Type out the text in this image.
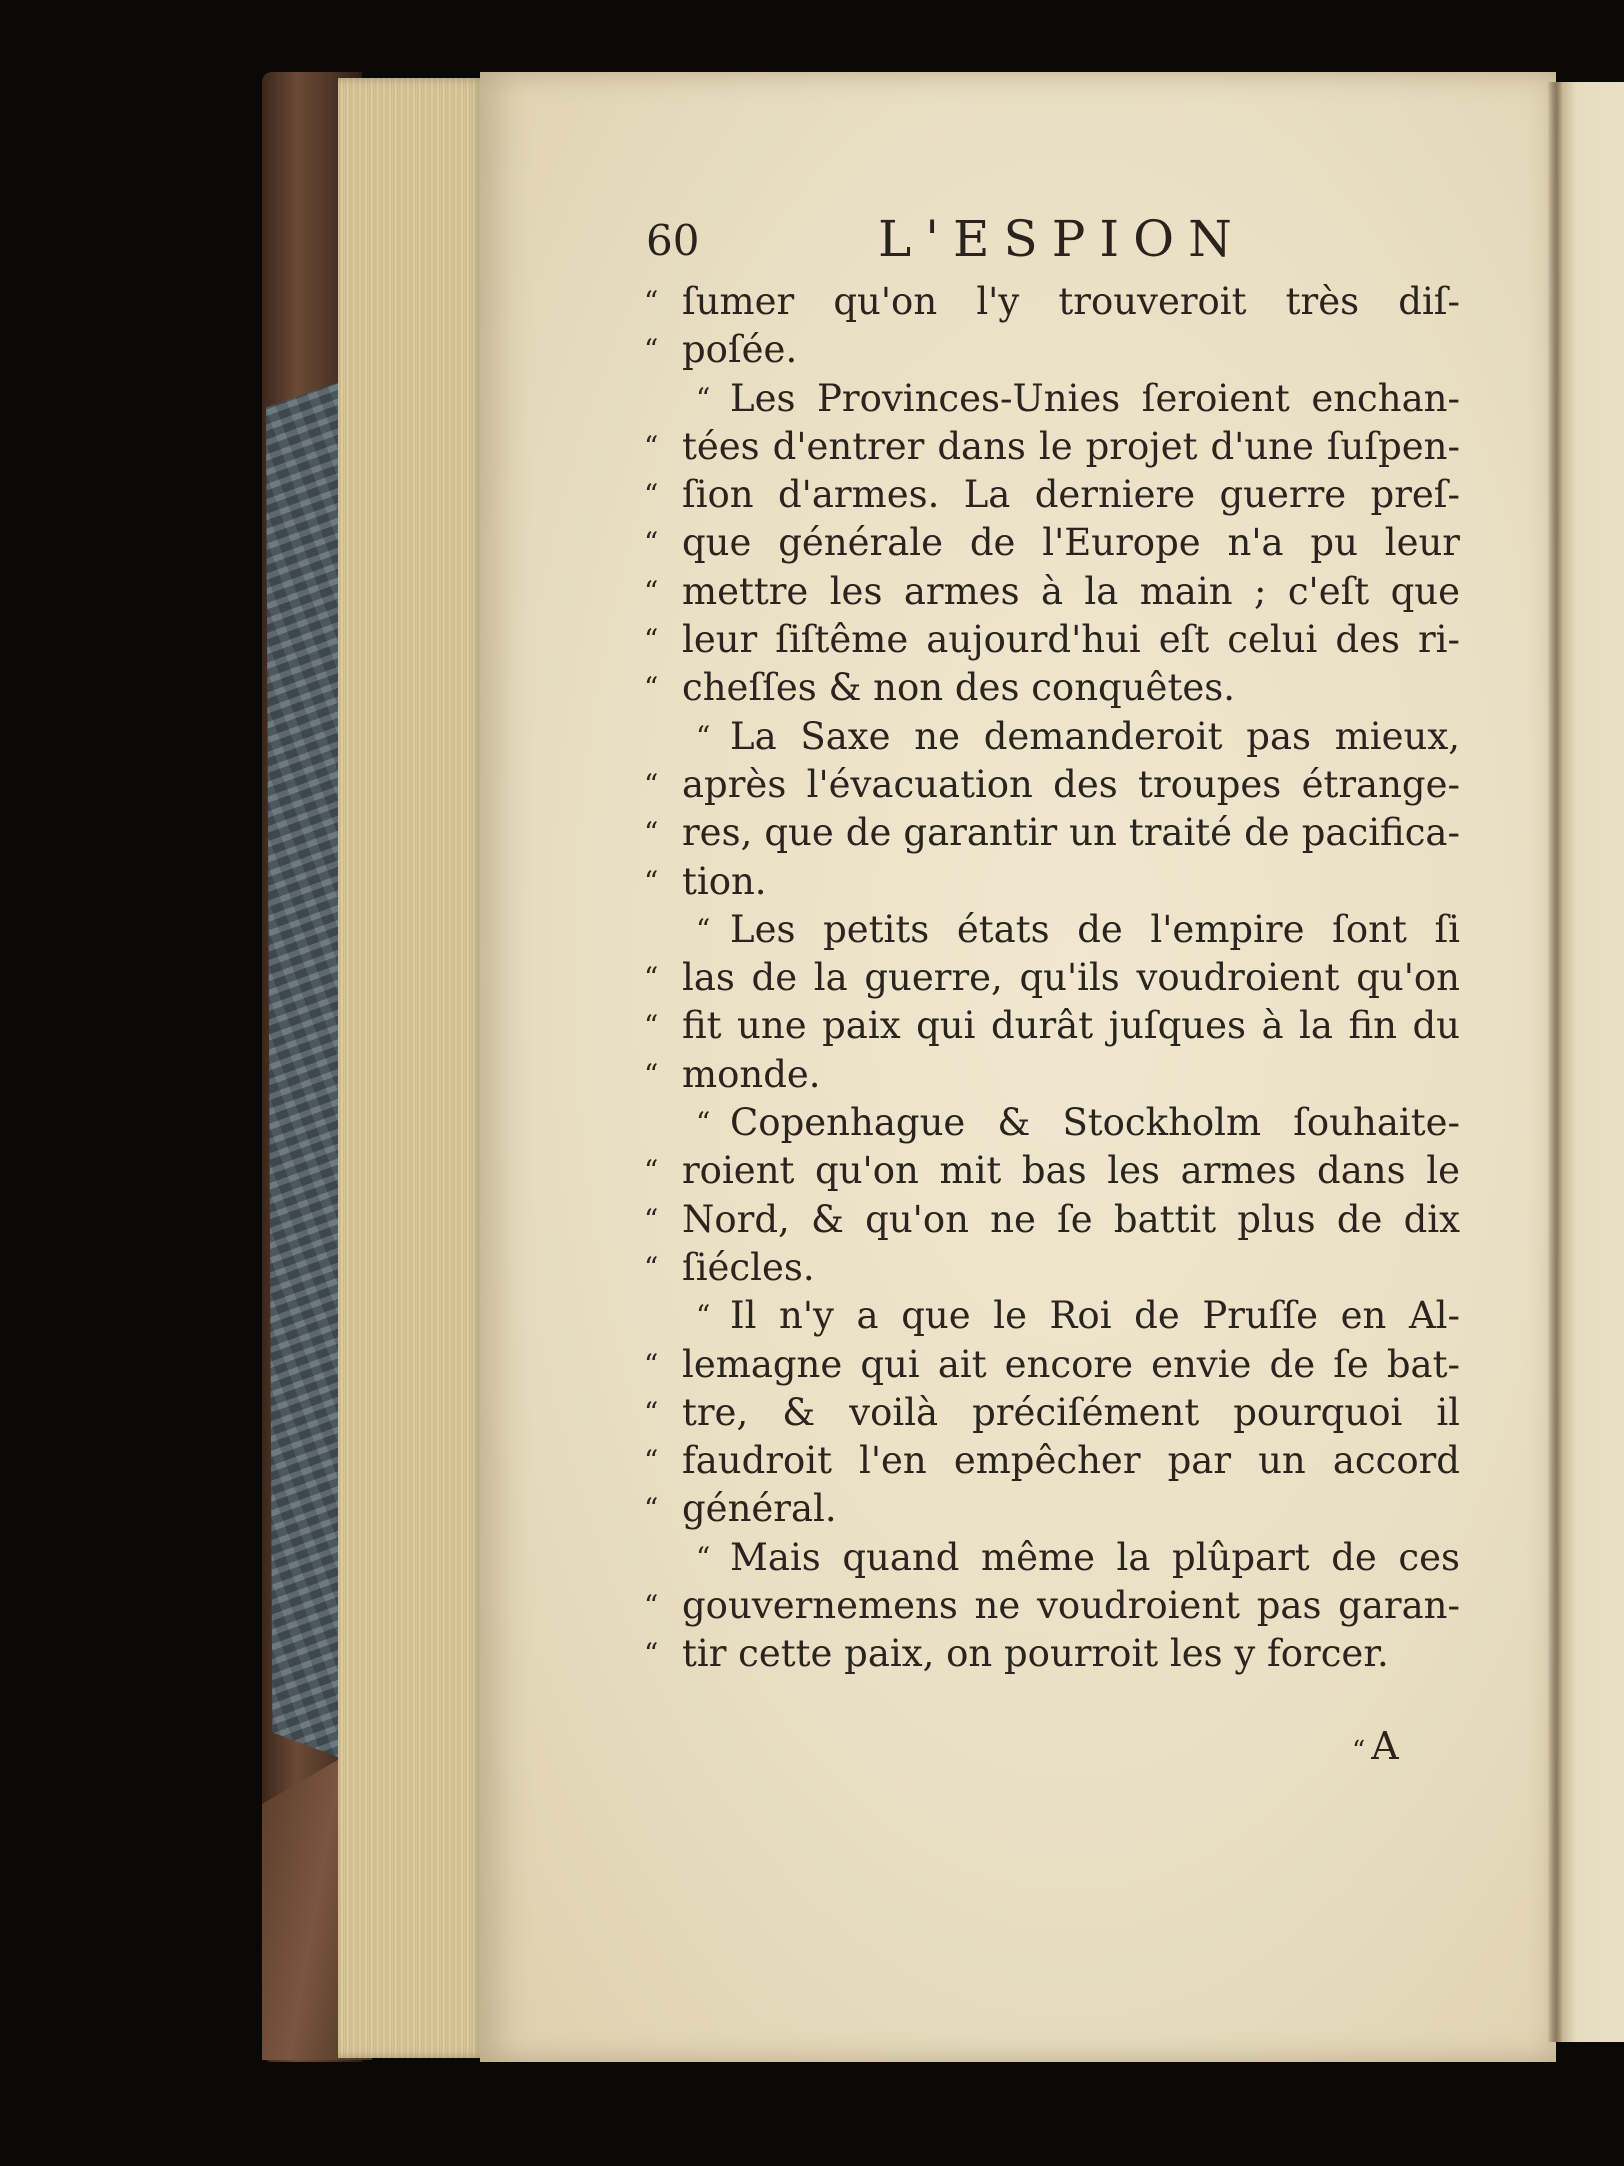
60	L'ESPION
“ ſumer qu'on l'y trouveroit très diſ-
“ poſée.
“ Les Provinces-Unies ſeroient enchan-
“ tées d'entrer dans le projet d'une ſuſpen-
“ ſion d'armes. La derniere guerre preſ-
“ que générale de l'Europe n'a pu leur
“ mettre les armes à la main ; c'eſt que
“ leur ſiſtême aujourd'hui eſt celui des ri-
“ cheſſes & non des conquêtes.
“ La Saxe ne demanderoit pas mieux,
“ après l'évacuation des troupes étrange-
“ res, que de garantir un traité de pacifica-
“ tion.
“ Les petits états de l'empire ſont ſi
“ las de la guerre, qu'ils voudroient qu'on
“ fit une paix qui durât juſques à la fin du
“ monde.
“ Copenhague & Stockholm ſouhaite-
“ roient qu'on mit bas les armes dans le
“ Nord, & qu'on ne ſe battit plus de dix
“ ſiécles.
“ Il n'y a que le Roi de Pruſſe en Al-
“ lemagne qui ait encore envie de ſe bat-
“ tre, & voilà préciſément pourquoi il
“ faudroit l'en empêcher par un accord
“ général.
“ Mais quand même la plûpart de ces
“ gouvernemens ne voudroient pas garan-
“ tir cette paix, on pourroit les y forcer.
“ A
